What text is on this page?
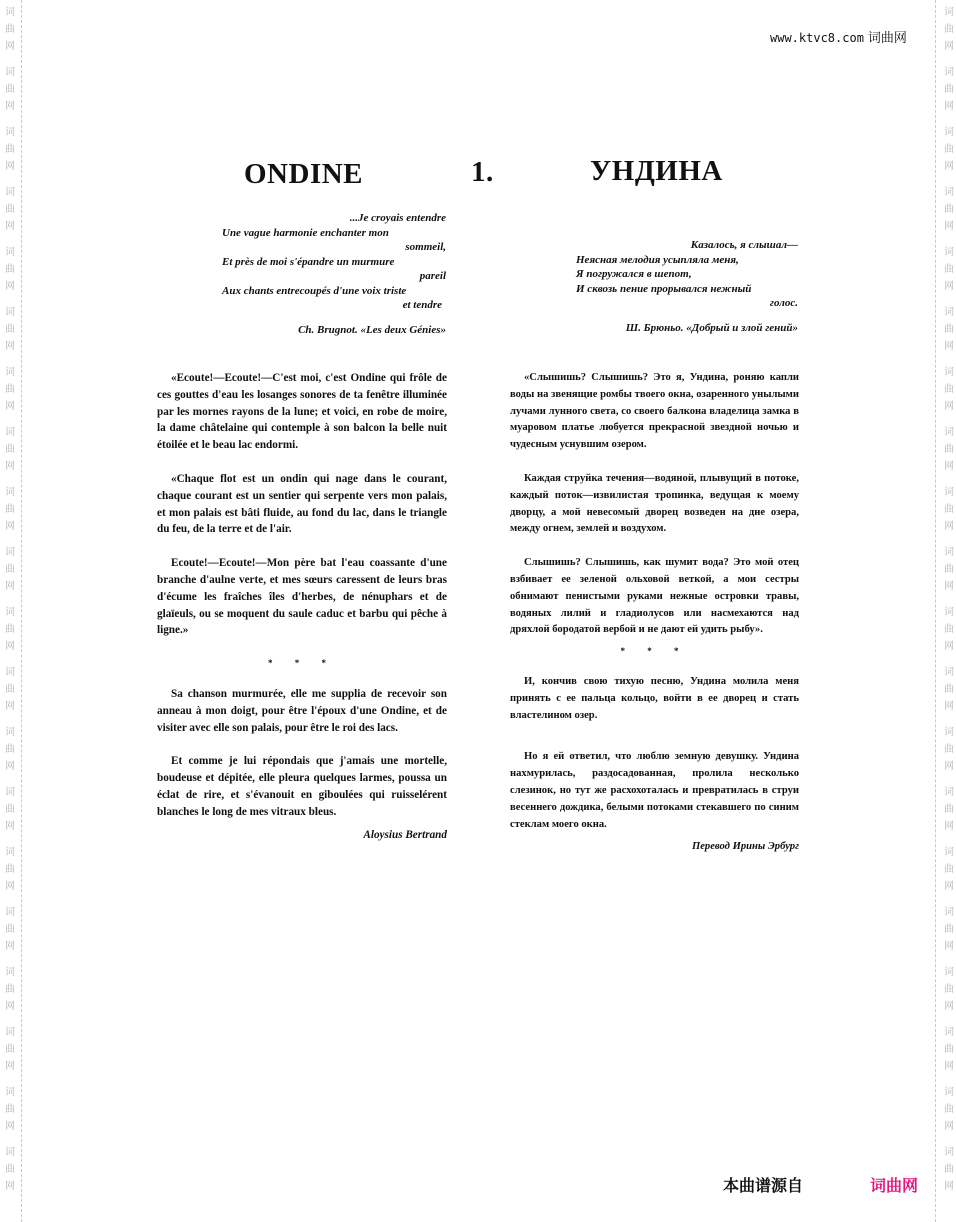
词
曲
网
词
曲
网
词
曲
网
词
曲
网
词
曲
网
词
曲
网
词
曲
网
词
曲
网
词
曲
网
词
曲
网
词
曲
网
词
曲
网
词
曲
网
词
曲
网
词
曲
网
词
曲
网
词
曲
网
词
曲
网
词
曲
网
词
曲
网
词
曲
网
词
曲
网
词
曲
网
词
曲
网
词
曲
网
词
曲
网
词
曲
网
词
曲
网
词
曲
网
词
曲
网
词
曲
网
词
曲
网
词
曲
网
词
曲
网
词
曲
网
词
曲
网
词
曲
网
词
曲
网
词
曲
网
词
曲
网
www.ktvc8.com 词曲网
ONDINE	1.	УНДИНА
...Je croyais entendre
Une vague harmonie enchanter mon
sommeil,
Et près de moi s'épandre un murmure
pareil
Aux chants entrecoupés d'une voix triste
et tendre
Ch. Brugnot. «Les deux Génies»
Казалось, я слышал—
Неясная мелодия усыпляла меня,
Я погружался в шепот,
И сквозь пение прорывался нежный
голос.
Ш. Брюньо. «Добрый и злой гений»

«Ecoute!—Ecoute!—C'est moi, c'est Ondine qui frôle de ces gouttes d'eau les losanges sonores de ta fenêtre illuminée par les mornes rayons de la lune; et voici, en robe de moire, la dame châtelaine qui contemple à son balcon la belle nuit étoilée et le beau lac endormi.

«Chaque flot est un ondin qui nage dans le courant, chaque courant est un sentier qui serpente vers mon palais, et mon palais est bâti fluide, au fond du lac, dans le triangle du feu, de la terre et de l'air.

Ecoute!—Ecoute!—Mon père bat l'eau coassante d'une branche d'aulne verte, et mes sœurs caressent de leurs bras d'écume les fraîches îles d'herbes, de nénuphars et de glaïeuls, ou se moquent du saule caduc et barbu qui pêche à ligne.»

* * *

Sa chanson murmurée, elle me supplia de recevoir son anneau à mon doigt, pour être l'époux d'une Ondine, et de visiter avec elle son palais, pour être le roi des lacs.

Et comme je lui répondais que j'amais une mortelle, boudeuse et dépitée, elle pleura quelques larmes, poussa un éclat de rire, et s'évanouit en giboulées qui ruisselérent blanches le long de mes vitraux bleus.

Aloysius Bertrand

«Слышишь? Слышишь? Это я, Ундина, роняю капли воды на звенящие ромбы твоего окна, озаренного унылыми лучами лунного света, со своего балкона владелица замка в муаровом платье любуется прекрасной звездной ночью и чудесным уснувшим озером.

Каждая струйка течения—водяной, плывущий в потоке, каждый поток—извилистая тропинка, ведущая к моему дворцу, а мой невесомый дворец возведен на дне озера, между огнем, землей и воздухом.

Слышишь? Слышишь, как шумит вода? Это мой отец взбивает ее зеленой ольховой веткой, а мои сестры обнимают пенистыми руками нежные островки травы, водяных лилий и гладиолусов или насмехаются над дряхлой бородатой вербой и не дают ей удить рыбу».

* * *

И, кончив свою тихую песню, Ундина молила меня принять с ее пальца кольцо, войти в ее дворец и стать властелином озер.

Но я ей ответил, что люблю земную девушку. Ундина нахмурилась, раздосадованная, пролила несколько слезинок, но тут же расхохоталась и превратилась в струи весеннего дождика, белыми потоками стекавшего по синим стеклам моего окна.

Перевод Ирины Эрбург
本曲谱源自	词曲网
